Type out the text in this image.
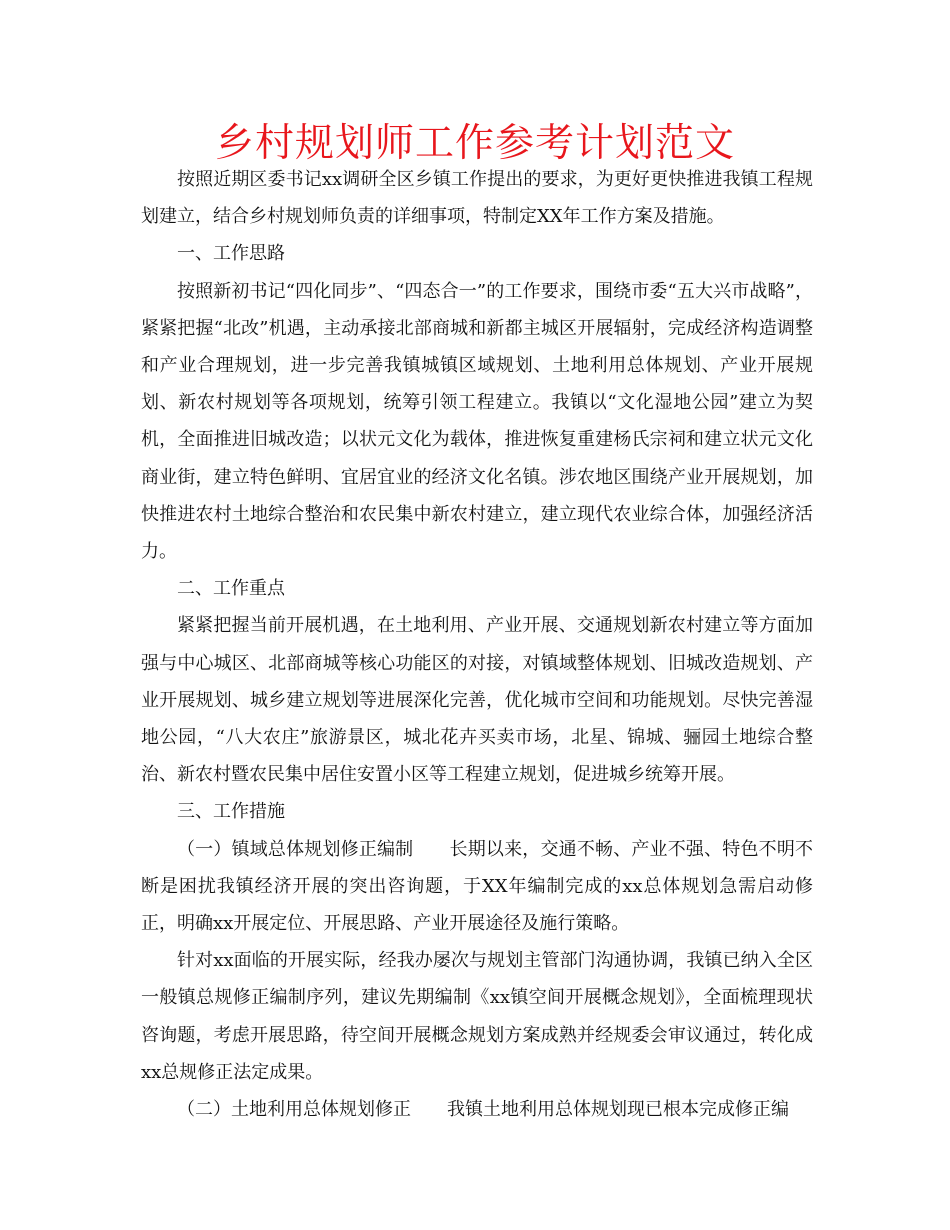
乡村规划师工作参考计划范文

按照近期区委书记xx调研全区乡镇工作提出的要求，为更好更快推进我镇工程规划建立，结合乡村规划师负责的详细事项，特制定XX年工作方案及措施。

一、工作思路

按照新初书记“四化同步”、“四态合一”的工作要求，围绕市委“五大兴市战略”，紧紧把握“北改”机遇，主动承接北部商城和新都主城区开展辐射，完成经济构造调整和产业合理规划，进一步完善我镇城镇区域规划、土地利用总体规划、产业开展规划、新农村规划等各项规划，统筹引领工程建立。我镇以“文化湿地公园”建立为契机，全面推进旧城改造；以状元文化为载体，推进恢复重建杨氏宗祠和建立状元文化商业街，建立特色鲜明、宜居宜业的经济文化名镇。涉农地区围绕产业开展规划，加快推进农村土地综合整治和农民集中新农村建立，建立现代农业综合体，加强经济活力。

二、工作重点

紧紧把握当前开展机遇，在土地利用、产业开展、交通规划新农村建立等方面加强与中心城区、北部商城等核心功能区的对接，对镇域整体规划、旧城改造规划、产业开展规划、城乡建立规划等进展深化完善，优化城市空间和功能规划。尽快完善湿地公园，“八大农庄”旅游景区，城北花卉买卖市场，北星、锦城、骊园土地综合整治、新农村暨农民集中居住安置小区等工程建立规划，促进城乡统筹开展。

三、工作措施

（一）镇域总体规划修正编制 长期以来，交通不畅、产业不强、特色不明不断是困扰我镇经济开展的突出咨询题，于XX年编制完成的xx总体规划急需启动修正，明确xx开展定位、开展思路、产业开展途径及施行策略。

针对xx面临的开展实际，经我办屡次与规划主管部门沟通协调，我镇已纳入全区一般镇总规修正编制序列，建议先期编制《xx镇空间开展概念规划》，全面梳理现状咨询题，考虑开展思路，待空间开展概念规划方案成熟并经规委会审议通过，转化成xx总规修正法定成果。

（二）土地利用总体规划修正 我镇土地利用总体规划现已根本完成修正编
